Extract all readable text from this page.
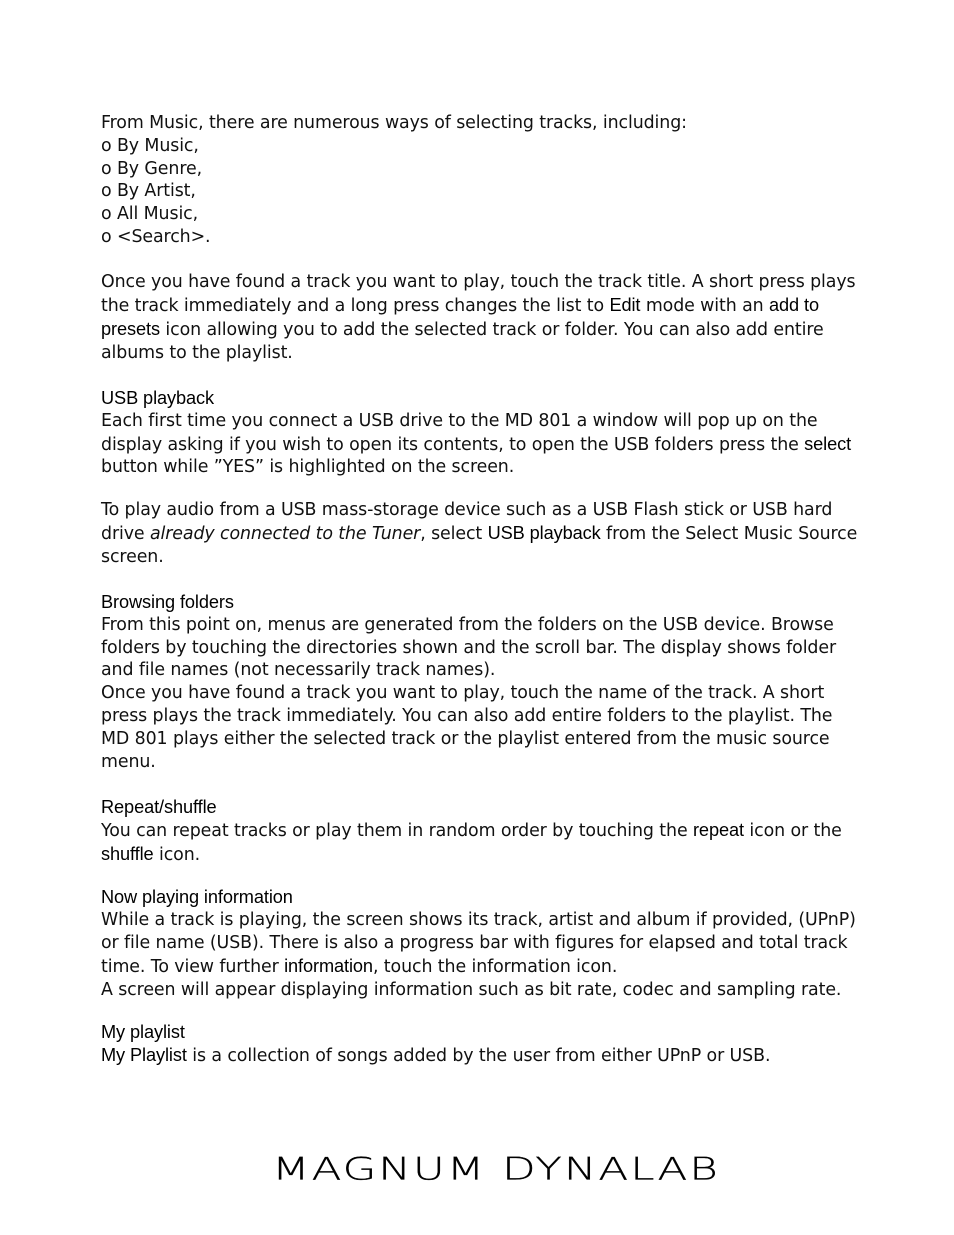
From Music, there are numerous ways of selecting tracks, including:

o By Music,

o By Genre,

o By Artist,

o All Music,

o <Search>.

Once you have found a track you want to play, touch the track title. A short press plays the track immediately and a long press changes the list to Edit mode with an add to presets icon allowing you to add the selected track or folder. You can also add entire albums to the playlist.

USB playback

Each first time you connect a USB drive to the MD 801 a window will pop up on the display asking if you wish to open its contents, to open the USB folders press the select button while ”YES” is highlighted on the screen.

To play audio from a USB mass-storage device such as a USB Flash stick or USB hard drive already connected to the Tuner, select USB playback from the Select Music Source screen.

Browsing folders

From this point on, menus are generated from the folders on the USB device. Browse folders by touching the directories shown and the scroll bar. The display shows folder and file names (not necessarily track names).

Once you have found a track you want to play, touch the name of the track. A short press plays the track immediately. You can also add entire folders to the playlist. The MD 801 plays either the selected track or the playlist entered from the music source menu.

Repeat/shuffle

You can repeat tracks or play them in random order by touching the repeat icon or the shuffle icon.

Now playing information

While a track is playing, the screen shows its track, artist and album if provided, (UPnP) or file name (USB). There is also a progress bar with figures for elapsed and total track time. To view further information, touch the information icon.

A screen will appear displaying information such as bit rate, codec and sampling rate.

My playlist

My Playlist is a collection of songs added by the user from either UPnP or USB.

MAGNUM DYNALAB
